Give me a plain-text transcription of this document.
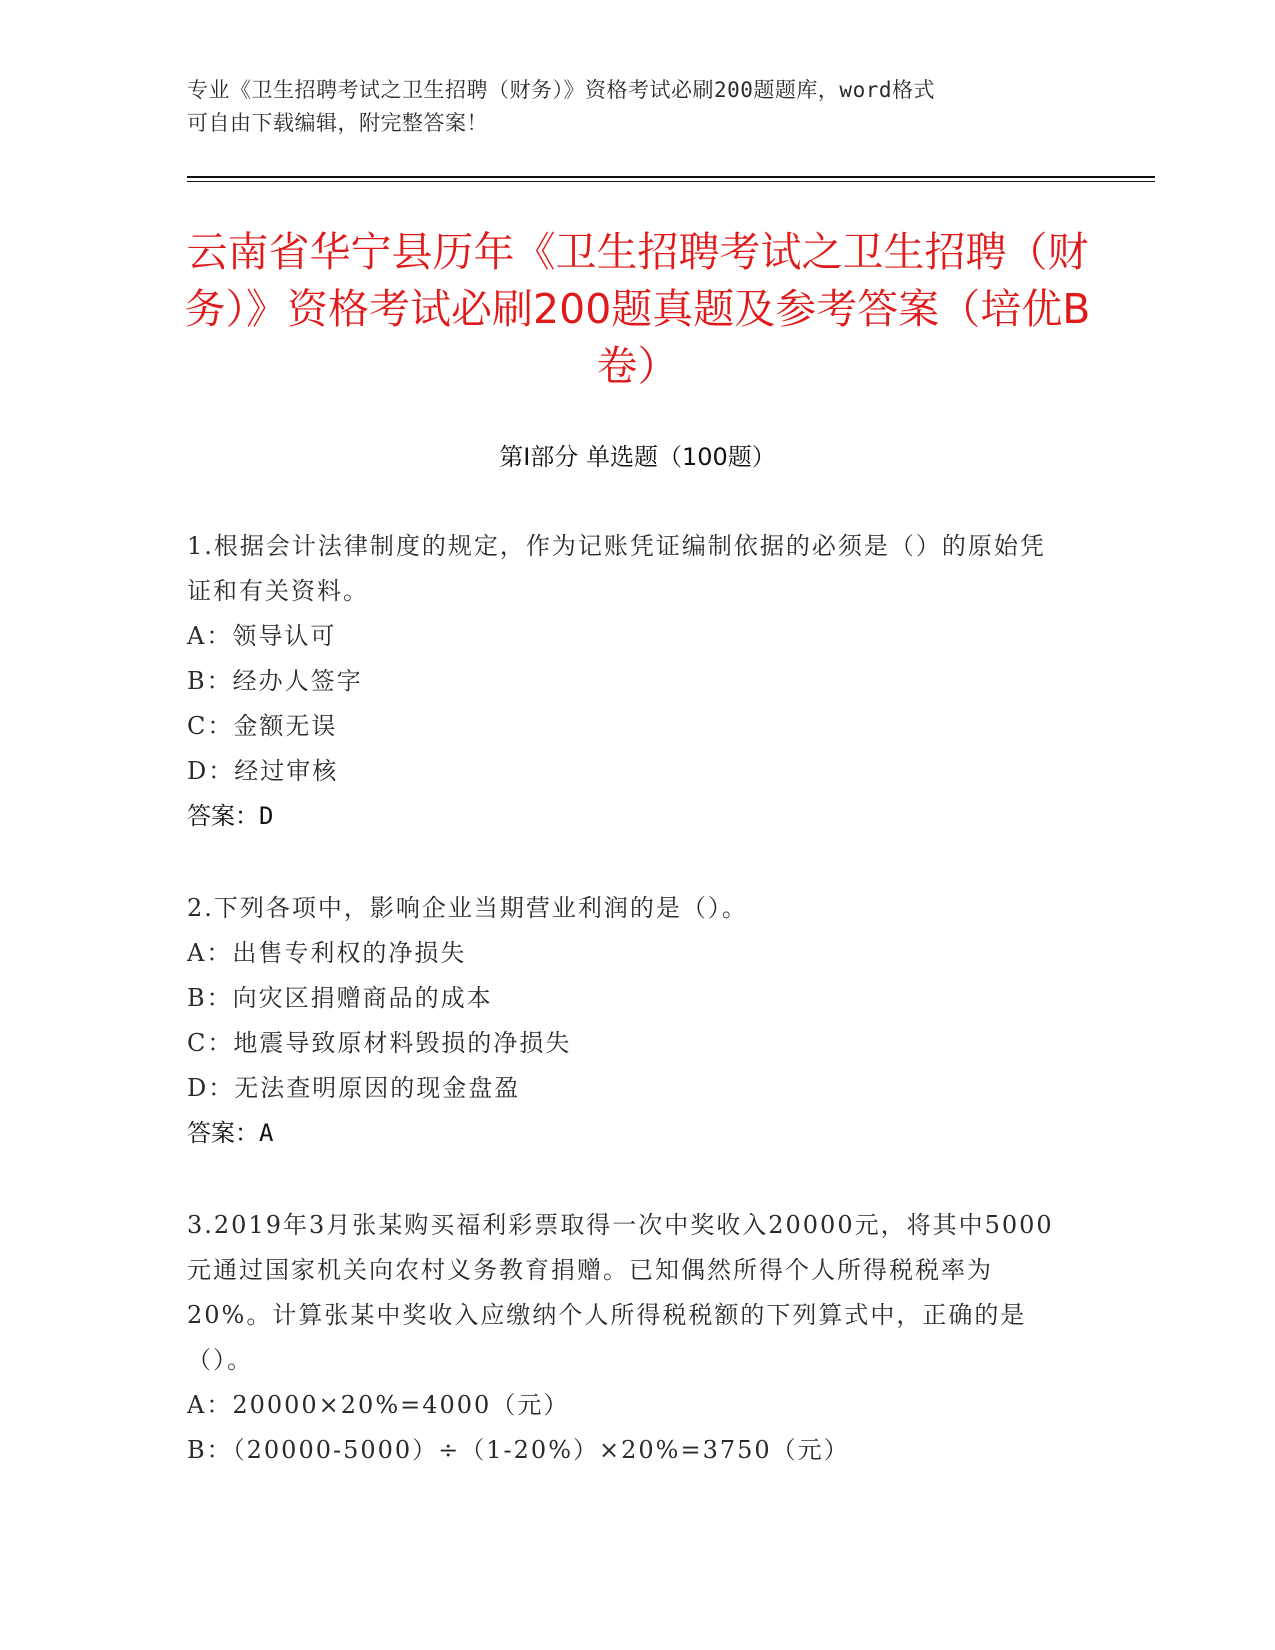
专业《卫生招聘考试之卫生招聘（财务）》资格考试必刷200题题库，word格式
可自由下载编辑，附完整答案！
云南省华宁县历年《卫生招聘考试之卫生招聘（财务）》资格考试必刷200题真题及参考答案（培优B卷）
第I部分 单选题（100题）
1.根据会计法律制度的规定，作为记账凭证编制依据的必须是（）的原始凭证和有关资料。
A：领导认可
B：经办人签字
C：金额无误
D：经过审核
答案：D
2.下列各项中，影响企业当期营业利润的是（）。
A：出售专利权的净损失
B：向灾区捐赠商品的成本
C：地震导致原材料毁损的净损失
D：无法查明原因的现金盘盈
答案：A
3.2019年3月张某购买福利彩票取得一次中奖收入20000元，将其中5000元通过国家机关向农村义务教育捐赠。已知偶然所得个人所得税税率为20%。计算张某中奖收入应缴纳个人所得税税额的下列算式中，正确的是（）。
A：20000×20%=4000（元）
B：（20000-5000）÷（1-20%）×20%=3750（元）
